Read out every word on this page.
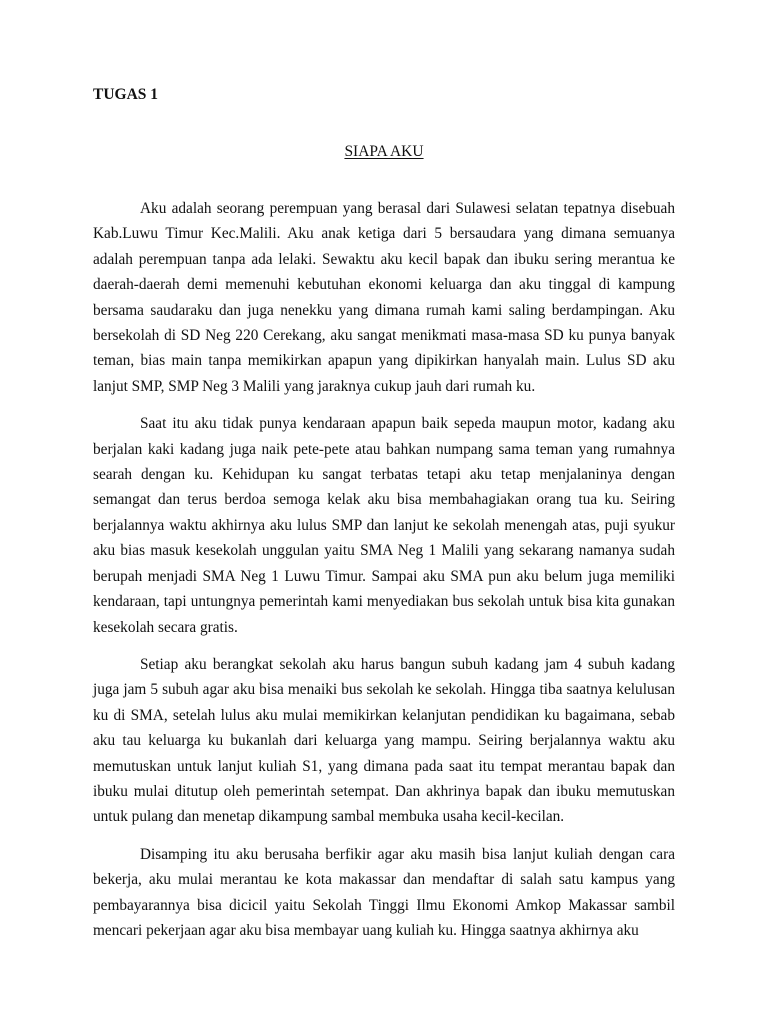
TUGAS 1

SIAPA AKU

Aku adalah seorang perempuan yang berasal dari Sulawesi selatan tepatnya disebuah Kab.Luwu Timur Kec.Malili. Aku anak ketiga dari 5 bersaudara yang dimana semuanya adalah perempuan tanpa ada lelaki. Sewaktu aku kecil bapak dan ibuku sering merantua ke daerah-daerah demi memenuhi kebutuhan ekonomi keluarga dan aku tinggal di kampung bersama saudaraku dan juga nenekku yang dimana rumah kami saling berdampingan. Aku bersekolah di SD Neg 220 Cerekang, aku sangat menikmati masa-masa SD ku punya banyak teman, bias main tanpa memikirkan apapun yang dipikirkan hanyalah main. Lulus SD aku lanjut SMP, SMP Neg 3 Malili yang jaraknya cukup jauh dari rumah ku.

Saat itu aku tidak punya kendaraan apapun baik sepeda maupun motor, kadang aku berjalan kaki kadang juga naik pete-pete atau bahkan numpang sama teman yang rumahnya searah dengan ku. Kehidupan ku sangat terbatas tetapi aku tetap menjalaninya dengan semangat dan terus berdoa semoga kelak aku bisa membahagiakan orang tua ku. Seiring berjalannya waktu akhirnya aku lulus SMP dan lanjut ke sekolah menengah atas, puji syukur aku bias masuk kesekolah unggulan yaitu SMA Neg 1 Malili yang sekarang namanya sudah berupah menjadi SMA Neg 1 Luwu Timur. Sampai aku SMA pun aku belum juga memiliki kendaraan, tapi untungnya pemerintah kami menyediakan bus sekolah untuk bisa kita gunakan kesekolah secara gratis.

Setiap aku berangkat sekolah aku harus bangun subuh kadang jam 4 subuh kadang juga jam 5 subuh agar aku bisa menaiki bus sekolah ke sekolah. Hingga tiba saatnya kelulusan ku di SMA, setelah lulus aku mulai memikirkan kelanjutan pendidikan ku bagaimana, sebab aku tau keluarga ku bukanlah dari keluarga yang mampu. Seiring berjalannya waktu aku memutuskan untuk lanjut kuliah S1, yang dimana pada saat itu tempat merantau bapak dan ibuku mulai ditutup oleh pemerintah setempat. Dan akhrinya bapak dan ibuku memutuskan untuk pulang dan menetap dikampung sambal membuka usaha kecil-kecilan.

Disamping itu aku berusaha berfikir agar aku masih bisa lanjut kuliah dengan cara bekerja, aku mulai merantau ke kota makassar dan mendaftar di salah satu kampus yang pembayarannya bisa dicicil yaitu Sekolah Tinggi Ilmu Ekonomi Amkop Makassar sambil mencari pekerjaan agar aku bisa membayar uang kuliah ku. Hingga saatnya akhirnya aku
